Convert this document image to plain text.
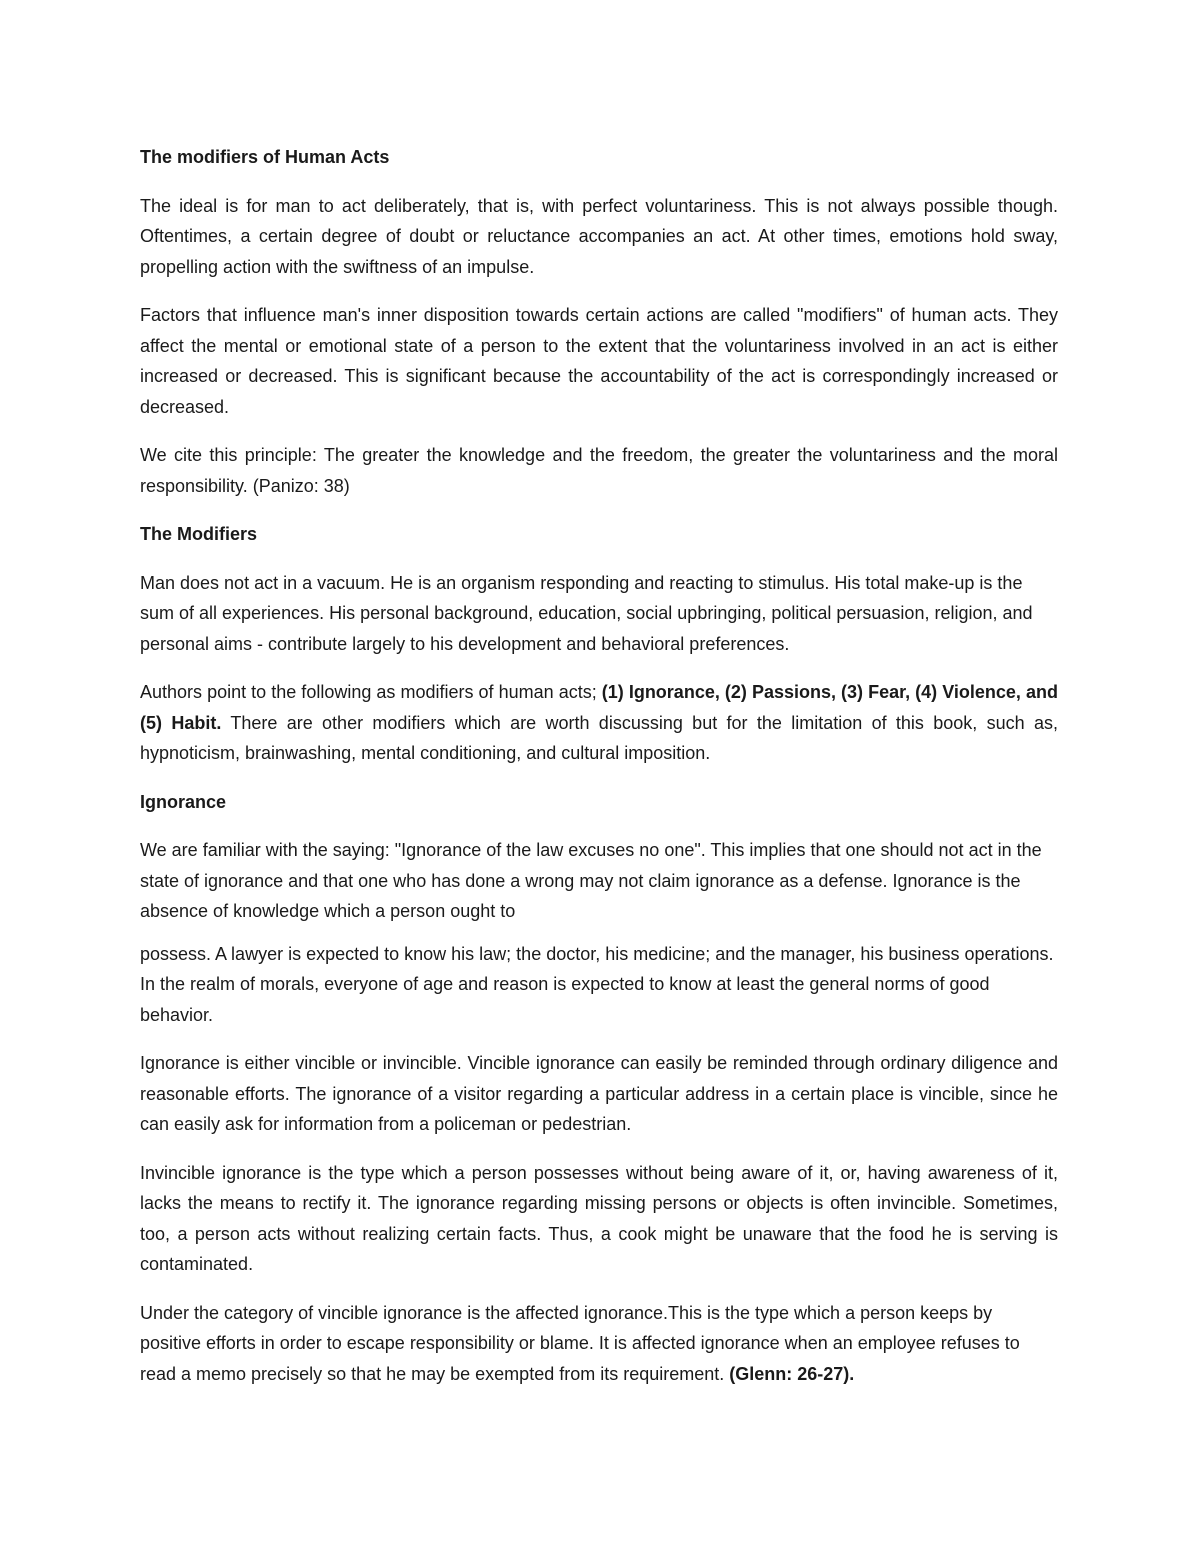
The modifiers of Human Acts
The ideal is for man to act deliberately, that is, with perfect voluntariness. This is not always possible though. Oftentimes, a certain degree of doubt or reluctance accompanies an act. At other times, emotions hold sway, propelling action with the swiftness of an impulse.
Factors that influence man's inner disposition towards certain actions are called "modifiers" of human acts. They affect the mental or emotional state of a person to the extent that the voluntariness involved in an act is either increased or decreased. This is significant because the accountability of the act is correspondingly increased or decreased.
We cite this principle: The greater the knowledge and the freedom, the greater the voluntariness and the moral responsibility. (Panizo: 38)
The Modifiers
Man does not act in a vacuum. He is an organism responding and reacting to stimulus. His total make-up is the sum of all experiences. His personal background, education, social upbringing, political persuasion, religion, and personal aims - contribute largely to his development and behavioral preferences.
Authors point to the following as modifiers of human acts; (1) Ignorance, (2) Passions, (3) Fear, (4) Violence, and (5) Habit. There are other modifiers which are worth discussing but for the limitation of this book, such as, hypnoticism, brainwashing, mental conditioning, and cultural imposition.
Ignorance
We are familiar with the saying: "Ignorance of the law excuses no one". This implies that one should not act in the state of ignorance and that one who has done a wrong may not claim ignorance as a defense. Ignorance is the absence of knowledge which a person ought to
possess. A lawyer is expected to know his law; the doctor, his medicine; and the manager, his business operations. In the realm of morals, everyone of age and reason is expected to know at least the general norms of good behavior.
Ignorance is either vincible or invincible. Vincible ignorance can easily be reminded through ordinary diligence and reasonable efforts. The ignorance of a visitor regarding a particular address in a certain place is vincible, since he can easily ask for information from a policeman or pedestrian.
Invincible ignorance is the type which a person possesses without being aware of it, or, having awareness of it, lacks the means to rectify it. The ignorance regarding missing persons or objects is often invincible. Sometimes, too, a person acts without realizing certain facts. Thus, a cook might be unaware that the food he is serving is contaminated.
Under the category of vincible ignorance is the affected ignorance.This is the type which a person keeps by positive efforts in order to escape responsibility or blame. It is affected ignorance when an employee refuses to read a memo precisely so that he may be exempted from its requirement. (Glenn: 26-27).
